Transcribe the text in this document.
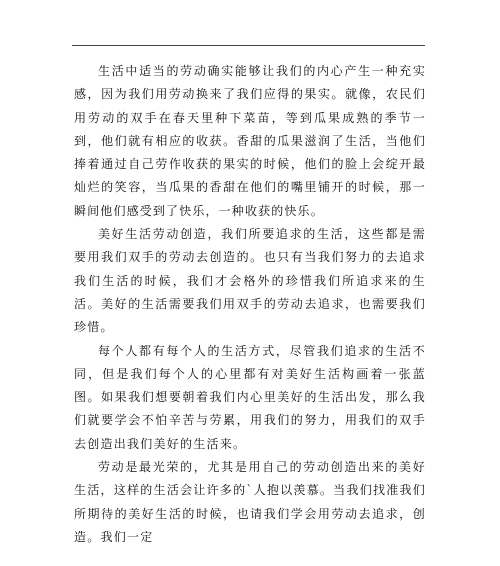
生活中适当的劳动确实能够让我们的内心产生一种充实感，因为我们用劳动换来了我们应得的果实。就像，农民们用劳动的双手在春天里种下菜苗，等到瓜果成熟的季节一到，他们就有相应的收获。香甜的瓜果滋润了生活，当他们捧着通过自己劳作收获的果实的时候，他们的脸上会绽开最灿烂的笑容，当瓜果的香甜在他们的嘴里铺开的时候，那一瞬间他们感受到了快乐，一种收获的快乐。

美好生活劳动创造，我们所要追求的生活，这些都是需要用我们双手的劳动去创造的。也只有当我们努力的去追求我们生活的时候，我们才会格外的珍惜我们所追求来的生活。美好的生活需要我们用双手的劳动去追求，也需要我们珍惜。

每个人都有每个人的生活方式，尽管我们追求的生活不同，但是我们每个人的心里都有对美好生活构画着一张蓝图。如果我们想要朝着我们内心里美好的生活出发，那么我们就要学会不怕辛苦与劳累，用我们的努力，用我们的双手去创造出我们美好的生活来。

劳动是最光荣的，尤其是用自己的劳动创造出来的美好生活，这样的生活会让许多的`人抱以羡慕。当我们找准我们所期待的美好生活的时候，也请我们学会用劳动去追求，创造。我们一定
